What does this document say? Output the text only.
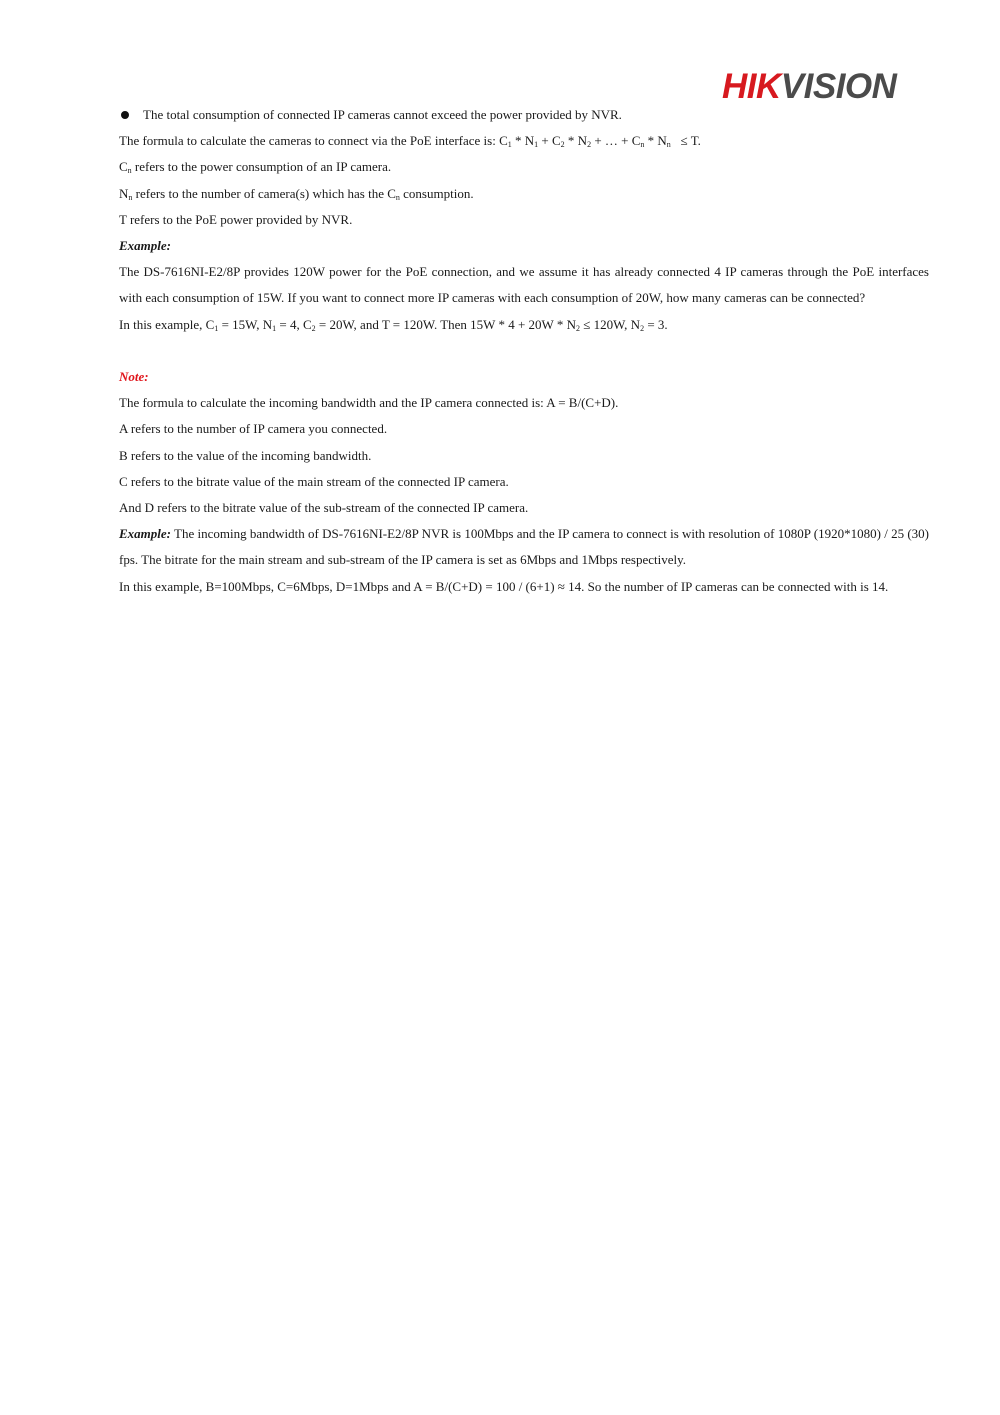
HIKVISION

The total consumption of connected IP cameras cannot exceed the power provided by NVR.

The formula to calculate the cameras to connect via the PoE interface is: $C_1 * N_1 + C_2 * N_2$ + … + $C_n * N_n \le T$.

$C_n$ refers to the power consumption of an IP camera.

$N_n$ refers to the number of camera(s) which has the $C_n$ consumption.

T refers to the PoE power provided by NVR.

Example:

The DS-7616NI-E2/8P provides 120W power for the PoE connection, and we assume it has already connected 4 IP cameras through the PoE interfaces with each consumption of 15W. If you want to connect more IP cameras with each consumption of 20W, how many cameras can be connected?

In this example, $C_1 = 15W$, $N_1 = 4$, $C_2 = 20W$, and T = 120W. Then $15W * 4 + 20W * N_2 \le 120W$, $N_2 = 3$.

Note:

The formula to calculate the incoming bandwidth and the IP camera connected is: A = B/(C+D).

A refers to the number of IP camera you connected.

B refers to the value of the incoming bandwidth.

C refers to the bitrate value of the main stream of the connected IP camera.

And D refers to the bitrate value of the sub-stream of the connected IP camera.

Example: The incoming bandwidth of DS-7616NI-E2/8P NVR is 100Mbps and the IP camera to connect is with resolution of 1080P (1920*1080) / 25 (30) fps. The bitrate for the main stream and sub-stream of the IP camera is set as 6Mbps and 1Mbps respectively.

In this example, B=100Mbps, C=6Mbps, D=1Mbps and A = B/(C+D) = 100 / (6+1) ≈ 14. So the number of IP cameras can be connected with is 14.
